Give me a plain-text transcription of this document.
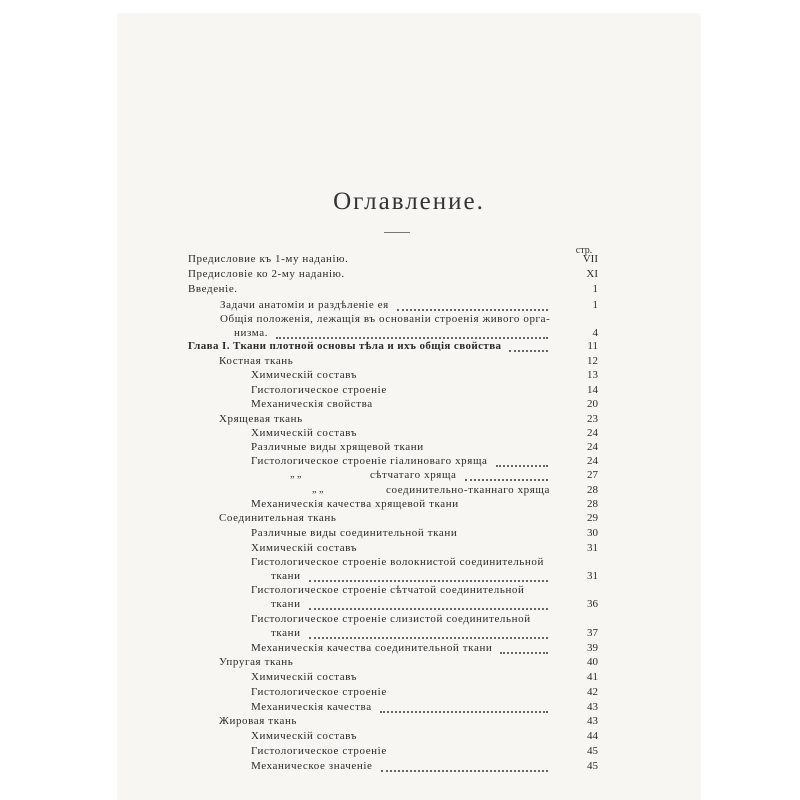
Оглавление.
стр.
Предисловие къ 1-му наданію.	VII
Предисловіе ко 2-му наданію.	XI
Введеніе.	1
Задачи анатоміи и раздѣленіе ея	1
Общія положенія, лежащія въ основаніи строенія живого орга-
низма.	4
Глава I. Ткани плотной основы тѣла и ихъ общія свойства	11
Костная ткань	12
Химическій составъ	13
Гистологическое строеніе	14
Механическія свойства	20
Хрящевая ткань	23
Химическій составъ	24
Различные виды хрящевой ткани	24
Гистологическое строеніе гіалиноваго хряща	24
„ „	сѣтчатаго хряща	27
„ „	соединительно-тканнаго хряща	28
Механическія качества хрящевой ткани	28
Соединительная ткань	29
Различные виды соединительной ткани	30
Химическій составъ	31
Гистологическое строеніе волокнистой соединительной
ткани	31
Гистологическое строеніе сѣтчатой соединительной
ткани	36
Гистологическое строеніе слизистой соединительной
ткани	37
Механическія качества соединительной ткани	39
Упругая ткань	40
Химическій составъ	41
Гистологическое строеніе	42
Механическія качества	43
Жировая ткань	43
Химическій составъ	44
Гистологическое строеніе	45
Механическое значеніе	45
